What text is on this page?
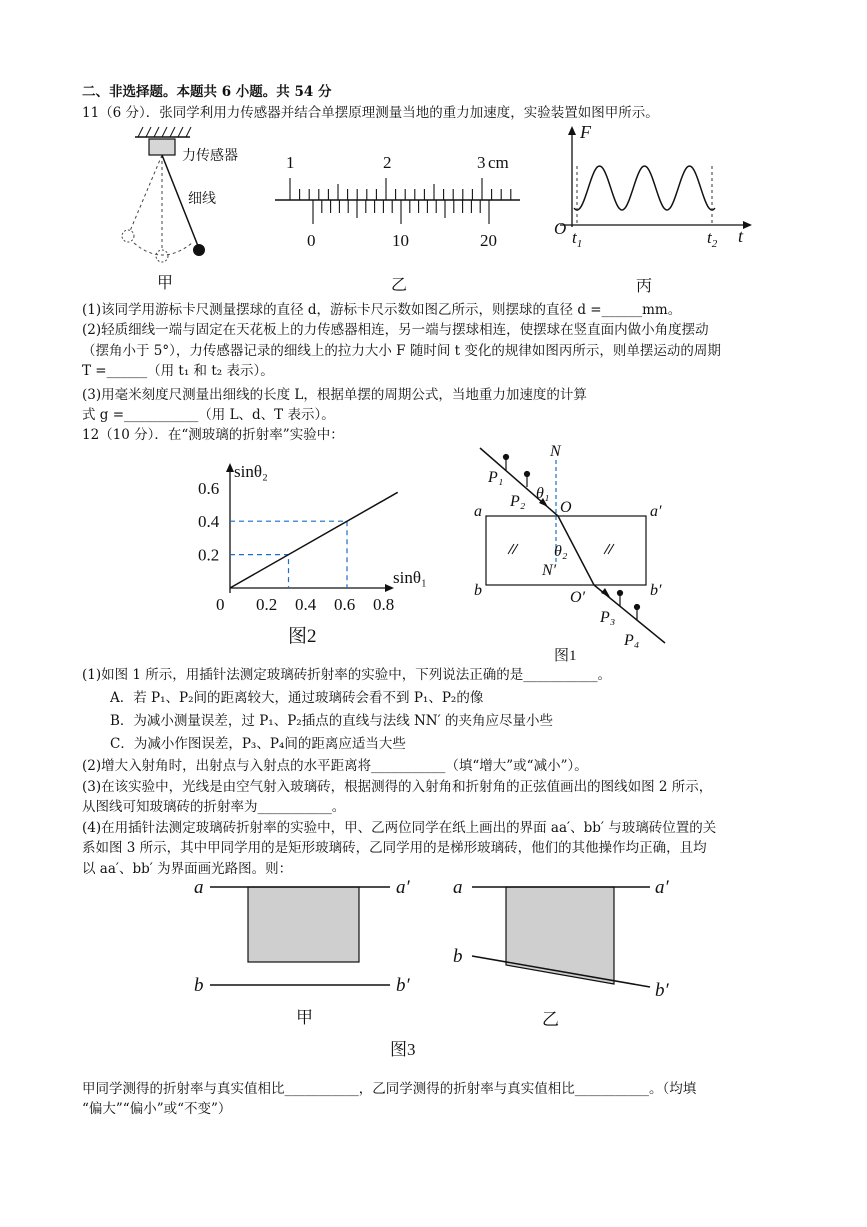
二、非选择题。本题共 6 小题。共 54 分
11（6 分）．张同学利用力传感器并结合单摆原理测量当地的重力加速度，实验装置如图甲所示。
力传感器
细线
甲
1	2	3 cm
0	10	20
乙
F
t
O $t_1$	$t_2$
丙
(1)该同学用游标卡尺测量摆球的直径 d，游标卡尺示数如图乙所示，则摆球的直径 d =______mm。
(2)轻质细线一端与固定在天花板上的力传感器相连，另一端与摆球相连，使摆球在竖直面内做小角度摆动
（摆角小于 5°），力传感器记录的细线上的拉力大小 F 随时间 t 变化的规律如图丙所示，则单摆运动的周期
T =______（用 t₁ 和 t₂ 表示）。
(3)用毫米刻度尺测量出细线的长度 L，根据单摆的周期公式，当地重力加速度的计算
式 g =___________（用 L、d、T 表示）。
12（10 分）．在“测玻璃的折射率”实验中：
sinθ₂
sinθ₁
0.6
0.4
0.2
0 0.2 0.4 0.6 0.8
图2
N
P₁
P₂ θ₁
O
a	a′
θ₂
N′
b	b′
O′
P₃
P₄
图1
(1)如图 1 所示，用插针法测定玻璃砖折射率的实验中，下列说法正确的是___________。
A．若 P₁、P₂间的距离较大，通过玻璃砖会看不到 P₁、P₂的像
B．为减小测量误差，过 P₁、P₂插点的直线与法线 NN′ 的夹角应尽量小些
C．为减小作图误差，P₃、P₄间的距离应适当大些
(2)增大入射角时，出射点与入射点的水平距离将___________（填“增大”或“减小”）。
(3)在该实验中，光线是由空气射入玻璃砖，根据测得的入射角和折射角的正弦值画出的图线如图 2 所示，
从图线可知玻璃砖的折射率为___________。
(4)在用插针法测定玻璃砖折射率的实验中，甲、乙两位同学在纸上画出的界面 aa′、bb′ 与玻璃砖位置的关
系如图 3 所示，其中甲同学用的是矩形玻璃砖，乙同学用的是梯形玻璃砖，他们的其他操作均正确，且均
以 aa′、bb′ 为界面画光路图。则：
a	a′
b	b′
甲
a	a′
b
b′
乙
图3
甲同学测得的折射率与真实值相比___________，乙同学测得的折射率与真实值相比___________。（均填
“偏大”“偏小”或“不变”）
